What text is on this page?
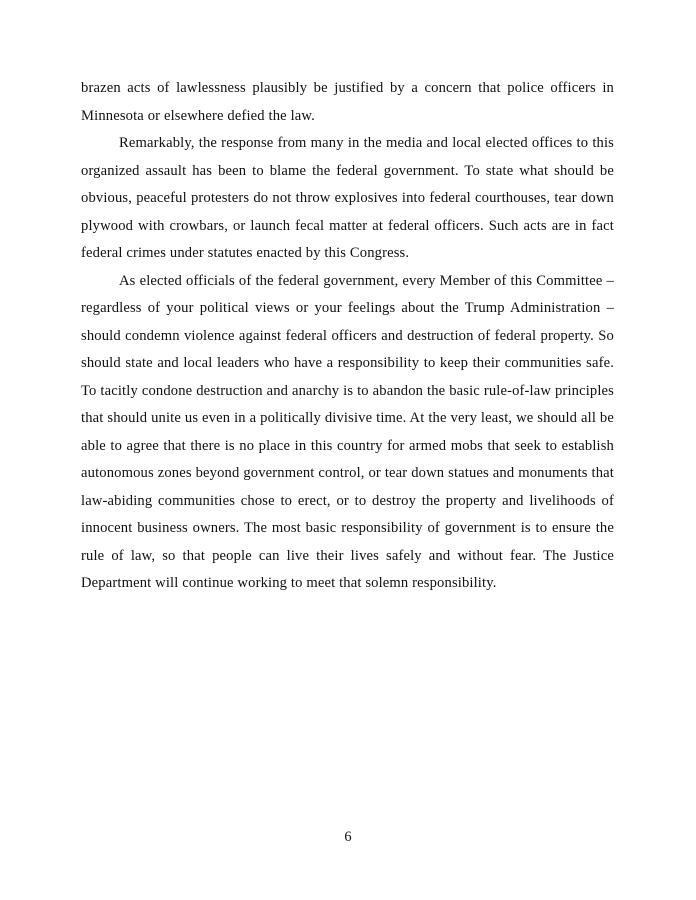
brazen acts of lawlessness plausibly be justified by a concern that police officers in Minnesota or elsewhere defied the law.

Remarkably, the response from many in the media and local elected offices to this organized assault has been to blame the federal government. To state what should be obvious, peaceful protesters do not throw explosives into federal courthouses, tear down plywood with crowbars, or launch fecal matter at federal officers. Such acts are in fact federal crimes under statutes enacted by this Congress.

As elected officials of the federal government, every Member of this Committee – regardless of your political views or your feelings about the Trump Administration – should condemn violence against federal officers and destruction of federal property. So should state and local leaders who have a responsibility to keep their communities safe. To tacitly condone destruction and anarchy is to abandon the basic rule-of-law principles that should unite us even in a politically divisive time. At the very least, we should all be able to agree that there is no place in this country for armed mobs that seek to establish autonomous zones beyond government control, or tear down statues and monuments that law-abiding communities chose to erect, or to destroy the property and livelihoods of innocent business owners. The most basic responsibility of government is to ensure the rule of law, so that people can live their lives safely and without fear. The Justice Department will continue working to meet that solemn responsibility.

6
